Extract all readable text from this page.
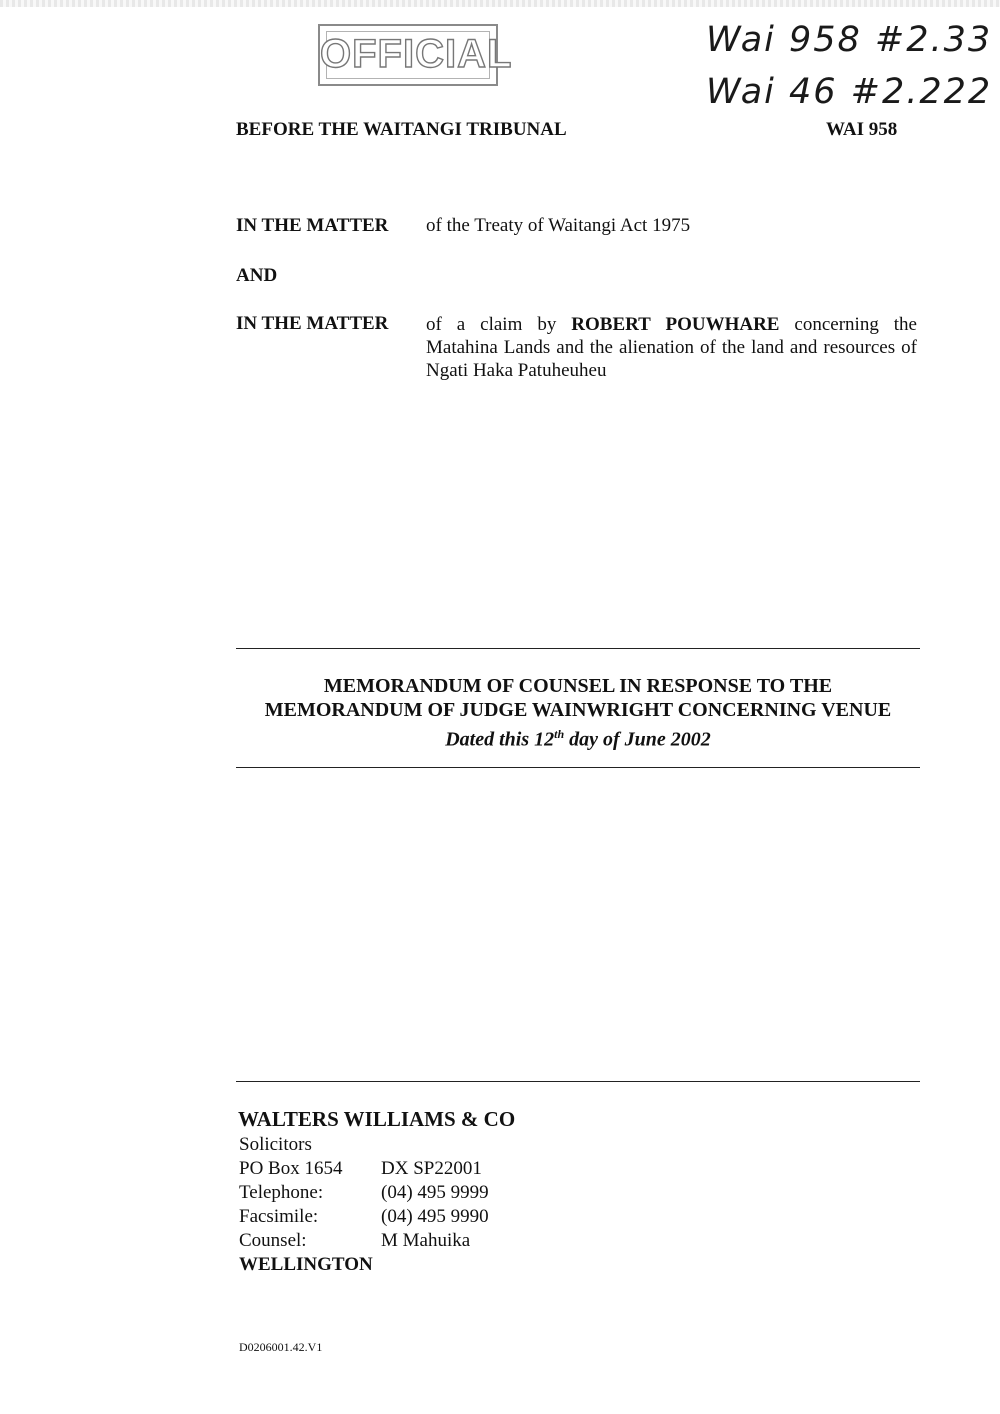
OFFICIAL	Wai 958 #2.33
Wai 46 #2.222
BEFORE THE WAITANGI TRIBUNAL	WAI 958
IN THE MATTER of the Treaty of Waitangi Act 1975
AND
IN THE MATTER of a claim by ROBERT POUWHARE concerning the Matahina Lands and the alienation of the land and resources of Ngati Haka Patuheuheu
MEMORANDUM OF COUNSEL IN RESPONSE TO THE
MEMORANDUM OF JUDGE WAINWRIGHT CONCERNING VENUE
Dated this 12th day of June 2002
WALTERS WILLIAMS & CO
Solicitors
PO Box 1654 DX SP22001
Telephone:	(04) 495 9999
Facsimile:	(04) 495 9990
Counsel:	M Mahuika
WELLINGTON
D0206001.42.V1
